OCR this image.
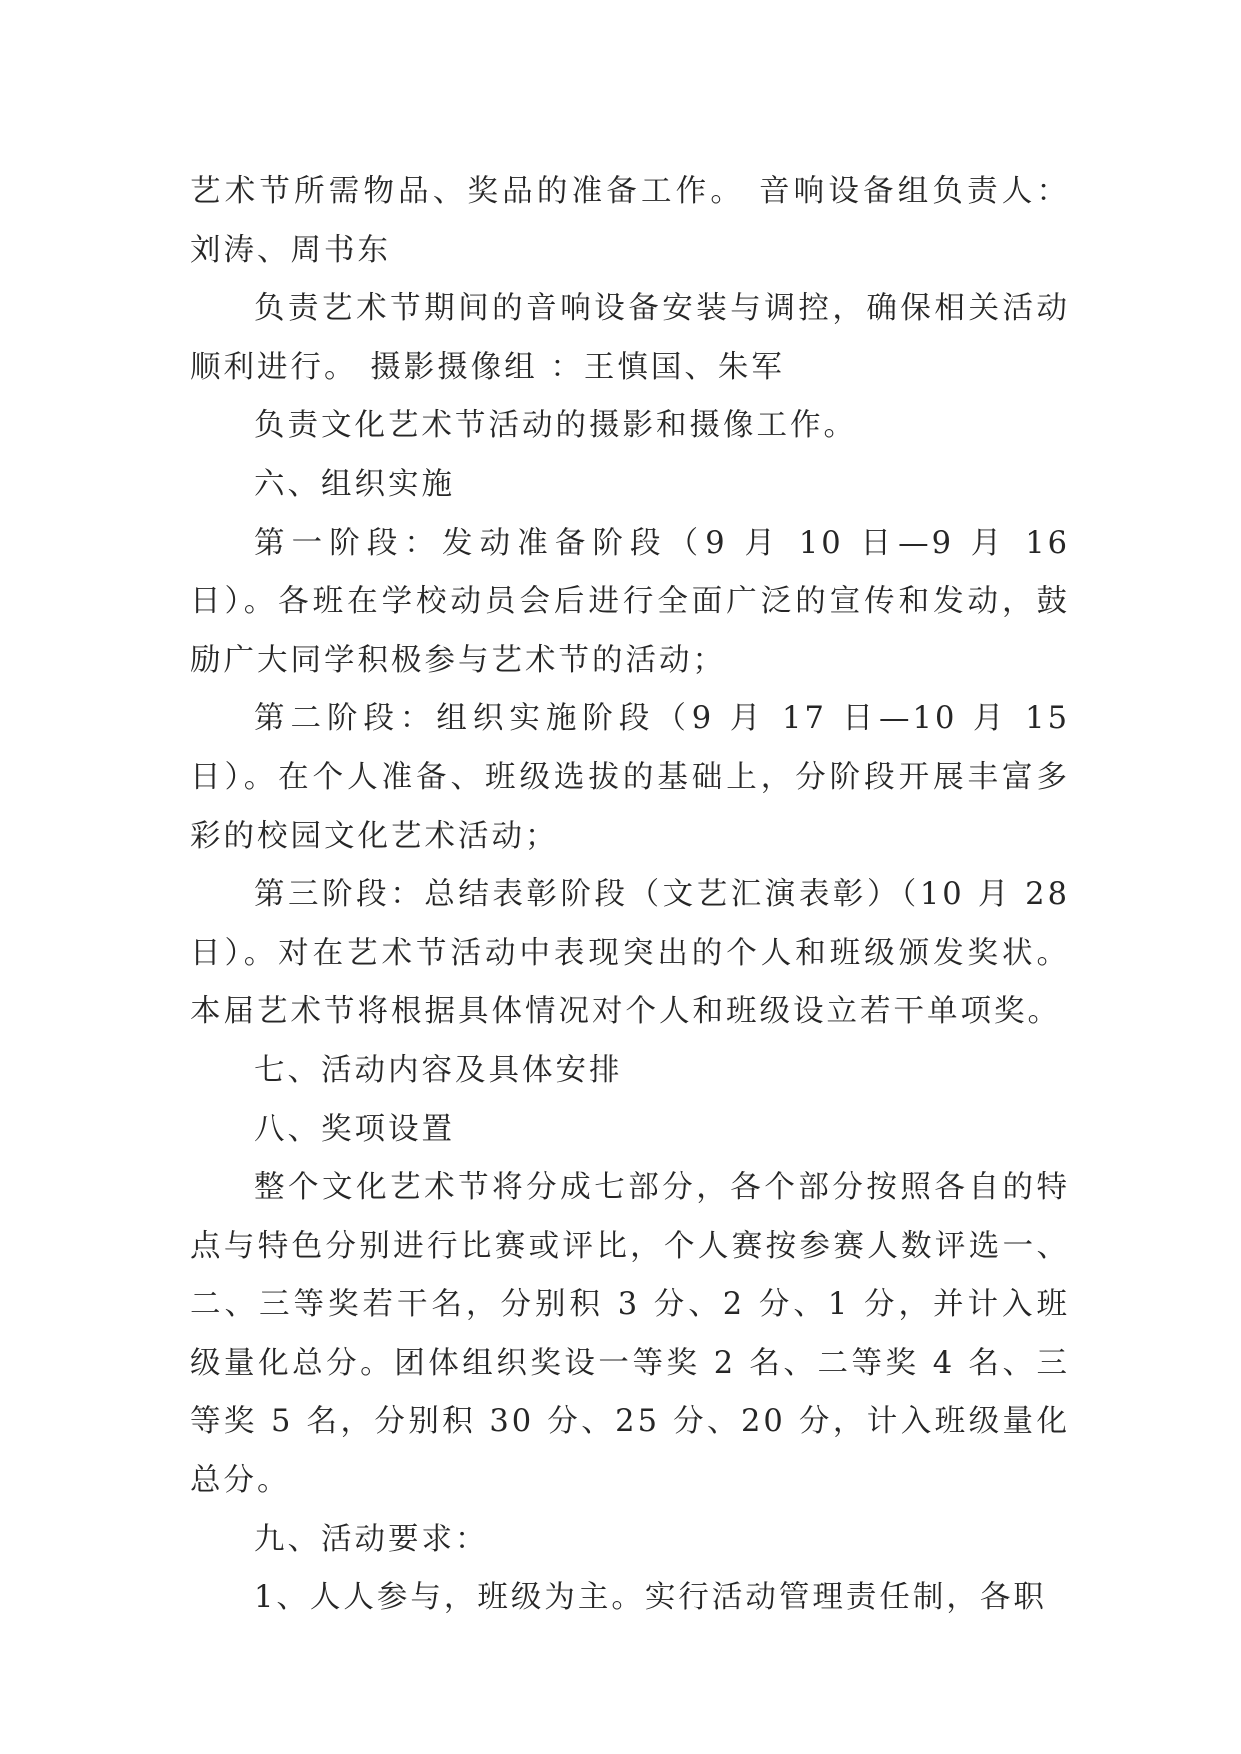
艺术节所需物品、奖品的准备工作。 音响设备组负责人：刘涛、周书东

负责艺术节期间的音响设备安装与调控，确保相关活动顺利进行。 摄影摄像组 ：王慎国、朱军

负责文化艺术节活动的摄影和摄像工作。

六、组织实施

第一阶段：发动准备阶段（9 月 10 日—9 月 16 日）。各班在学校动员会后进行全面广泛的宣传和发动，鼓励广大同学积极参与艺术节的活动；

第二阶段：组织实施阶段（9 月 17 日—10 月 15 日）。在个人准备、班级选拔的基础上，分阶段开展丰富多彩的校园文化艺术活动；

第三阶段：总结表彰阶段（文艺汇演表彰）（10 月 28 日）。对在艺术节活动中表现突出的个人和班级颁发奖状。本届艺术节将根据具体情况对个人和班级设立若干单项奖。

七、活动内容及具体安排

八、奖项设置

整个文化艺术节将分成七部分，各个部分按照各自的特点与特色分别进行比赛或评比，个人赛按参赛人数评选一、二、三等奖若干名，分别积 3 分、2 分、1 分，并计入班级量化总分。团体组织奖设一等奖 2 名、二等奖 4 名、三等奖 5 名，分别积 30 分、25 分、20 分，计入班级量化总分。

九、活动要求：

1、人人参与，班级为主。实行活动管理责任制，各职
